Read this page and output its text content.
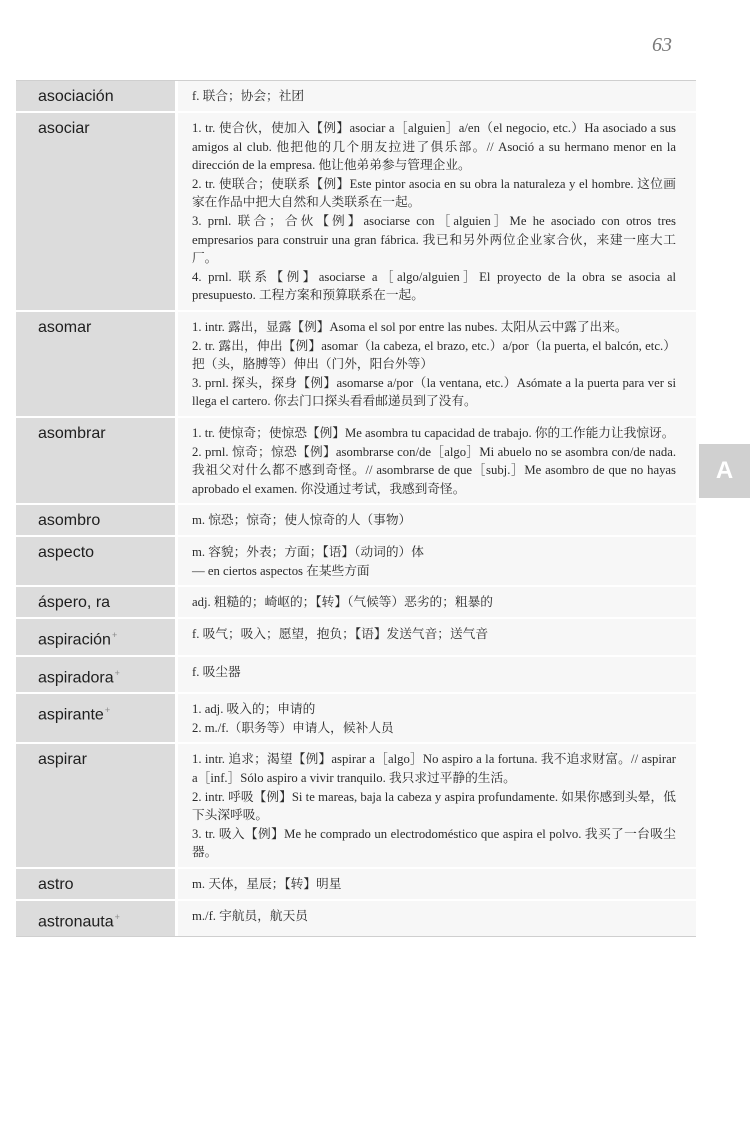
63
asociación	f. 联合；协会；社团

asociar	1. tr. 使合伙，使加入【例】asociar a［alguien］a/en（el negocio, etc.）Ha asociado a sus amigos al club. 他把他的几个朋友拉进了俱乐部。// Asoció a su hermano menor en la dirección de la empresa. 他让他弟弟参与管理企业。

2. tr. 使联合；使联系【例】Este pintor asocia en su obra la naturaleza y el hombre. 这位画家在作品中把大自然和人类联系在一起。

3. prnl. 联合；合伙【例】asociarse con［alguien］Me he asociado con otros tres empresarios para construir una gran fábrica. 我已和另外两位企业家合伙，来建一座大工厂。

4. prnl. 联系【例】asociarse a［algo/alguien］El proyecto de la obra se asocia al presupuesto. 工程方案和预算联系在一起。

asomar	1. intr. 露出，显露【例】Asoma el sol por entre las nubes. 太阳从云中露了出来。

2. tr. 露出，伸出【例】asomar（la cabeza, el brazo, etc.）a/por（la puerta, el balcón, etc.）把（头，胳膊等）伸出（门外，阳台外等）

3. prnl. 探头，探身【例】asomarse a/por（la ventana, etc.）Asómate a la puerta para ver si llega el cartero. 你去门口探头看看邮递员到了没有。

asombrar	1. tr. 使惊奇；使惊恐【例】Me asombra tu capacidad de trabajo. 你的工作能力让我惊讶。

2. prnl. 惊奇；惊恐【例】asombrarse con/de［algo］Mi abuelo no se asombra con/de nada. 我祖父对什么都不感到奇怪。// asombrarse de que［subj.］Me asombro de que no hayas aprobado el examen. 你没通过考试，我感到奇怪。

asombro	m. 惊恐；惊奇；使人惊奇的人（事物）

aspecto	m. 容貌；外表；方面；【语】（动词的）体

— en ciertos aspectos 在某些方面

áspero, ra	adj. 粗糙的；崎岖的；【转】（气候等）恶劣的；粗暴的

aspiración+	f. 吸气；吸入；愿望，抱负；【语】发送气音；送气音

aspiradora+	f. 吸尘器

aspirante+	1. adj. 吸入的；申请的

2. m./f.（职务等）申请人，候补人员

aspirar	1. intr. 追求；渴望【例】aspirar a［algo］No aspiro a la fortuna. 我不追求财富。// aspirar a［inf.］Sólo aspiro a vivir tranquilo. 我只求过平静的生活。

2. intr. 呼吸【例】Si te mareas, baja la cabeza y aspira profundamente. 如果你感到头晕，低下头深呼吸。

3. tr. 吸入【例】Me he comprado un electrodoméstico que aspira el polvo. 我买了一台吸尘器。

astro	m. 天体，星辰；【转】明星

astronauta+	m./f. 宇航员，航天员

A
